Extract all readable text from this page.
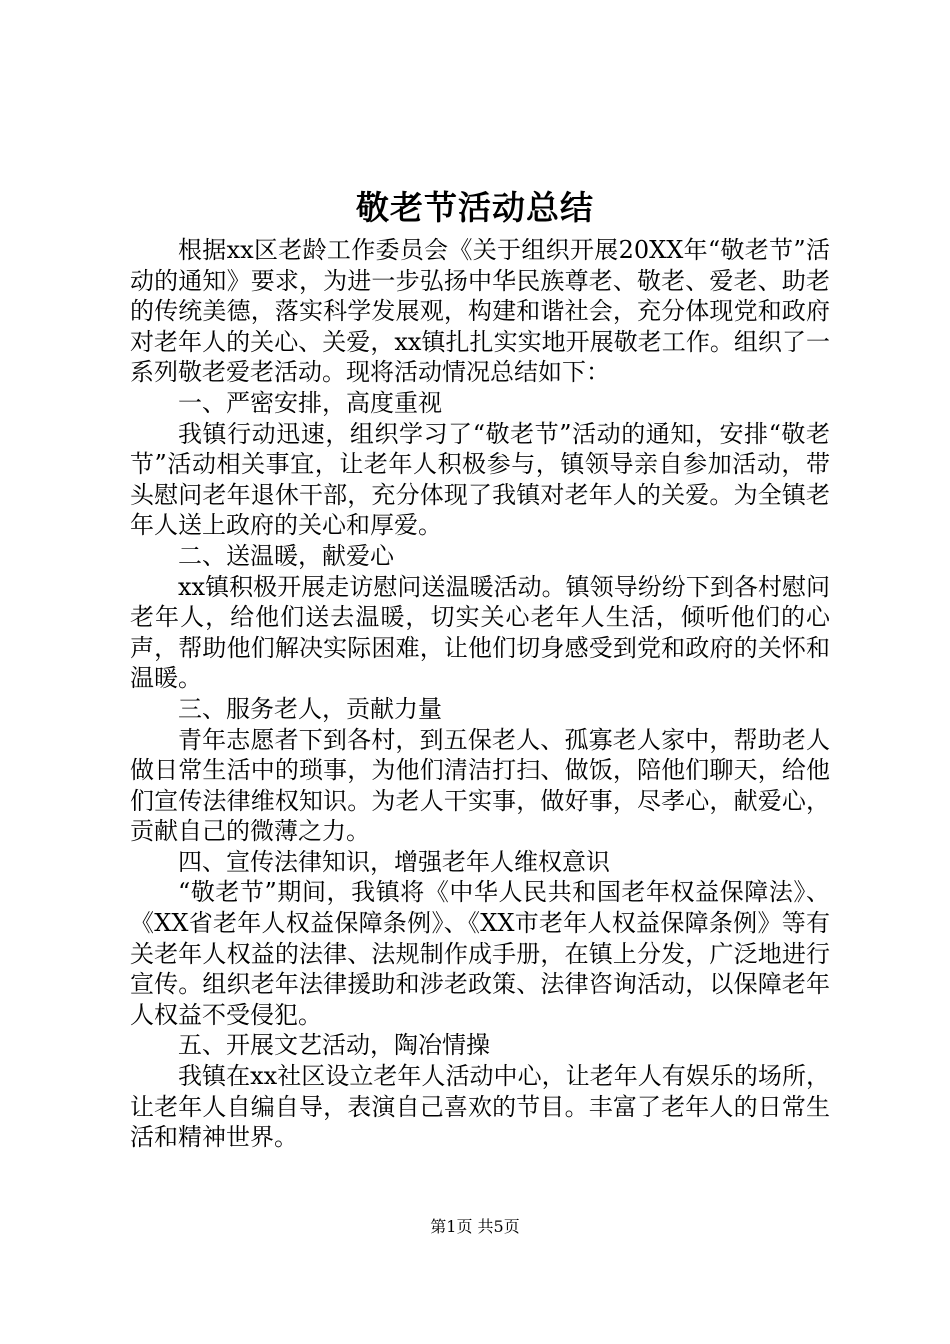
敬老节活动总结

根据xx区老龄工作委员会《关于组织开展20XX年“敬老节”活动的通知》要求，为进一步弘扬中华民族尊老、敬老、爱老、助老的传统美德，落实科学发展观，构建和谐社会，充分体现党和政府对老年人的关心、关爱，xx镇扎扎实实地开展敬老工作。组织了一系列敬老爱老活动。现将活动情况总结如下：

一、严密安排，高度重视

我镇行动迅速，组织学习了“敬老节”活动的通知，安排“敬老节”活动相关事宜，让老年人积极参与，镇领导亲自参加活动，带头慰问老年退休干部，充分体现了我镇对老年人的关爱。为全镇老年人送上政府的关心和厚爱。

二、送温暖，献爱心

xx镇积极开展走访慰问送温暖活动。镇领导纷纷下到各村慰问老年人，给他们送去温暖，切实关心老年人生活，倾听他们的心声，帮助他们解决实际困难，让他们切身感受到党和政府的关怀和温暖。

三、服务老人，贡献力量

青年志愿者下到各村，到五保老人、孤寡老人家中，帮助老人做日常生活中的琐事，为他们清洁打扫、做饭，陪他们聊天，给他们宣传法律维权知识。为老人干实事，做好事，尽孝心，献爱心，贡献自己的微薄之力。

四、宣传法律知识，增强老年人维权意识

“敬老节”期间，我镇将《中华人民共和国老年权益保障法》、《XX省老年人权益保障条例》、《XX市老年人权益保障条例》等有关老年人权益的法律、法规制作成手册，在镇上分发，广泛地进行宣传。组织老年法律援助和涉老政策、法律咨询活动，以保障老年人权益不受侵犯。

五、开展文艺活动，陶冶情操

我镇在xx社区设立老年人活动中心，让老年人有娱乐的场所，让老年人自编自导，表演自己喜欢的节目。丰富了老年人的日常生活和精神世界。

第1页 共5页
